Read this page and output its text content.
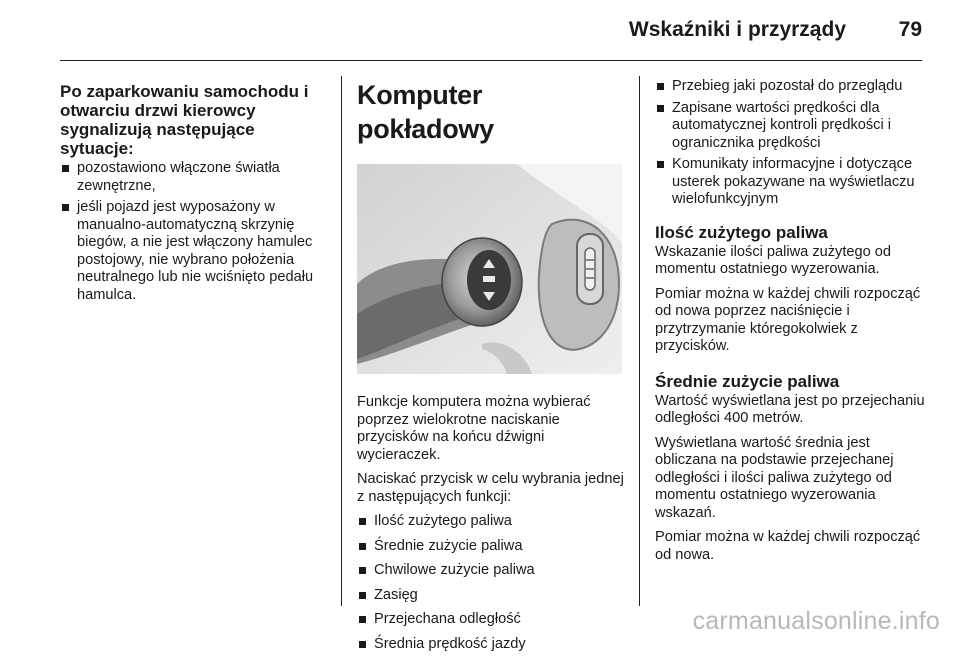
Wskaźniki i przyrządy	79
Po zaparkowaniu samochodu i otwarciu drzwi kierowcy sygnalizują następujące sytuacje:
pozostawiono włączone światła zewnętrzne,
jeśli pojazd jest wyposażony w manualno-automatyczną skrzynię biegów, a nie jest włączony hamulec postojowy, nie wybrano położenia neutralnego lub nie wciśnięto pedału hamulca.
Komputer pokładowy

Funkcje komputera można wybierać poprzez wielokrotne naciskanie przycisków na końcu dźwigni wycieraczek.

Naciskać przycisk w celu wybrania jednej z następujących funkcji:

Ilość zużytego paliwa
Średnie zużycie paliwa
Chwilowe zużycie paliwa
Zasięg
Przejechana odległość
Średnia prędkość jazdy
Przebieg jaki pozostał do przeglądu
Zapisane wartości prędkości dla automatycznej kontroli prędkości i ogranicznika prędkości
Komunikaty informacyjne i dotyczące usterek pokazywane na wyświetlaczu wielofunkcyjnym
Ilość zużytego paliwa

Wskazanie ilości paliwa zużytego od momentu ostatniego wyzerowania.

Pomiar można w każdej chwili rozpocząć od nowa poprzez naciśnięcie i przytrzymanie któregokolwiek z przycisków.

Średnie zużycie paliwa

Wartość wyświetlana jest po przejechaniu odległości 400 metrów.

Wyświetlana wartość średnia jest obliczana na podstawie przejechanej odległości i ilości paliwa zużytego od momentu ostatniego wyzerowania wskazań.

Pomiar można w każdej chwili rozpocząć od nowa.

carmanualsonline.info
